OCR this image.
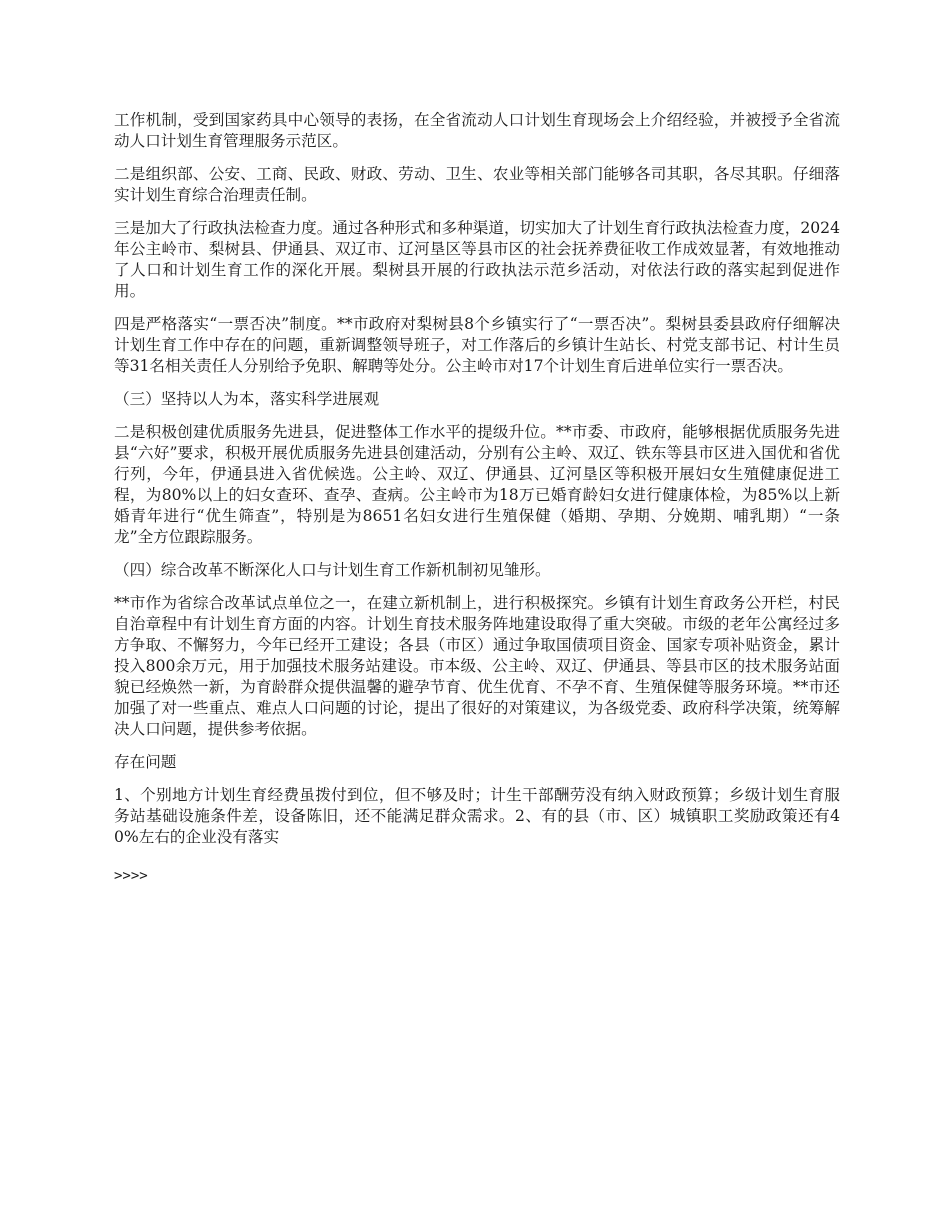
工作机制，受到国家药具中心领导的表扬，在全省流动人口计划生育现场会上介绍经验，并被授予全省流动人口计划生育管理服务示范区。

二是组织部、公安、工商、民政、财政、劳动、卫生、农业等相关部门能够各司其职，各尽其职。仔细落实计划生育综合治理责任制。

三是加大了行政执法检查力度。通过各种形式和多种渠道，切实加大了计划生育行政执法检查力度，2024年公主岭市、梨树县、伊通县、双辽市、辽河垦区等县市区的社会抚养费征收工作成效显著，有效地推动了人口和计划生育工作的深化开展。梨树县开展的行政执法示范乡活动，对依法行政的落实起到促进作用。

四是严格落实“一票否决”制度。**市政府对梨树县8个乡镇实行了“一票否决”。梨树县委县政府仔细解决计划生育工作中存在的问题，重新调整领导班子，对工作落后的乡镇计生站长、村党支部书记、村计生员等31名相关责任人分别给予免职、解聘等处分。公主岭市对17个计划生育后进单位实行一票否决。

（三）坚持以人为本，落实科学进展观

二是积极创建优质服务先进县，促进整体工作水平的提级升位。**市委、市政府，能够根据优质服务先进县“六好”要求，积极开展优质服务先进县创建活动，分别有公主岭、双辽、铁东等县市区进入国优和省优行列，今年，伊通县进入省优候选。公主岭、双辽、伊通县、辽河垦区等积极开展妇女生殖健康促进工程，为80%以上的妇女查环、查孕、查病。公主岭市为18万已婚育龄妇女进行健康体检，为85%以上新婚青年进行“优生筛查”，特别是为8651名妇女进行生殖保健（婚期、孕期、分娩期、哺乳期）“一条龙”全方位跟踪服务。

（四）综合改革不断深化人口与计划生育工作新机制初见雏形。

**市作为省综合改革试点单位之一，在建立新机制上，进行积极探究。乡镇有计划生育政务公开栏，村民自治章程中有计划生育方面的内容。计划生育技术服务阵地建设取得了重大突破。市级的老年公寓经过多方争取、不懈努力，今年已经开工建设；各县（市区）通过争取国债项目资金、国家专项补贴资金，累计投入800余万元，用于加强技术服务站建设。市本级、公主岭、双辽、伊通县、等县市区的技术服务站面貌已经焕然一新，为育龄群众提供温馨的避孕节育、优生优育、不孕不育、生殖保健等服务环境。**市还加强了对一些重点、难点人口问题的讨论，提出了很好的对策建议，为各级党委、政府科学决策，统筹解决人口问题，提供参考依据。

存在问题

1、个别地方计划生育经费虽拨付到位，但不够及时；计生干部酬劳没有纳入财政预算；乡级计划生育服务站基础设施条件差，设备陈旧，还不能满足群众需求。2、有的县（市、区）城镇职工奖励政策还有40%左右的企业没有落实

>>>>
